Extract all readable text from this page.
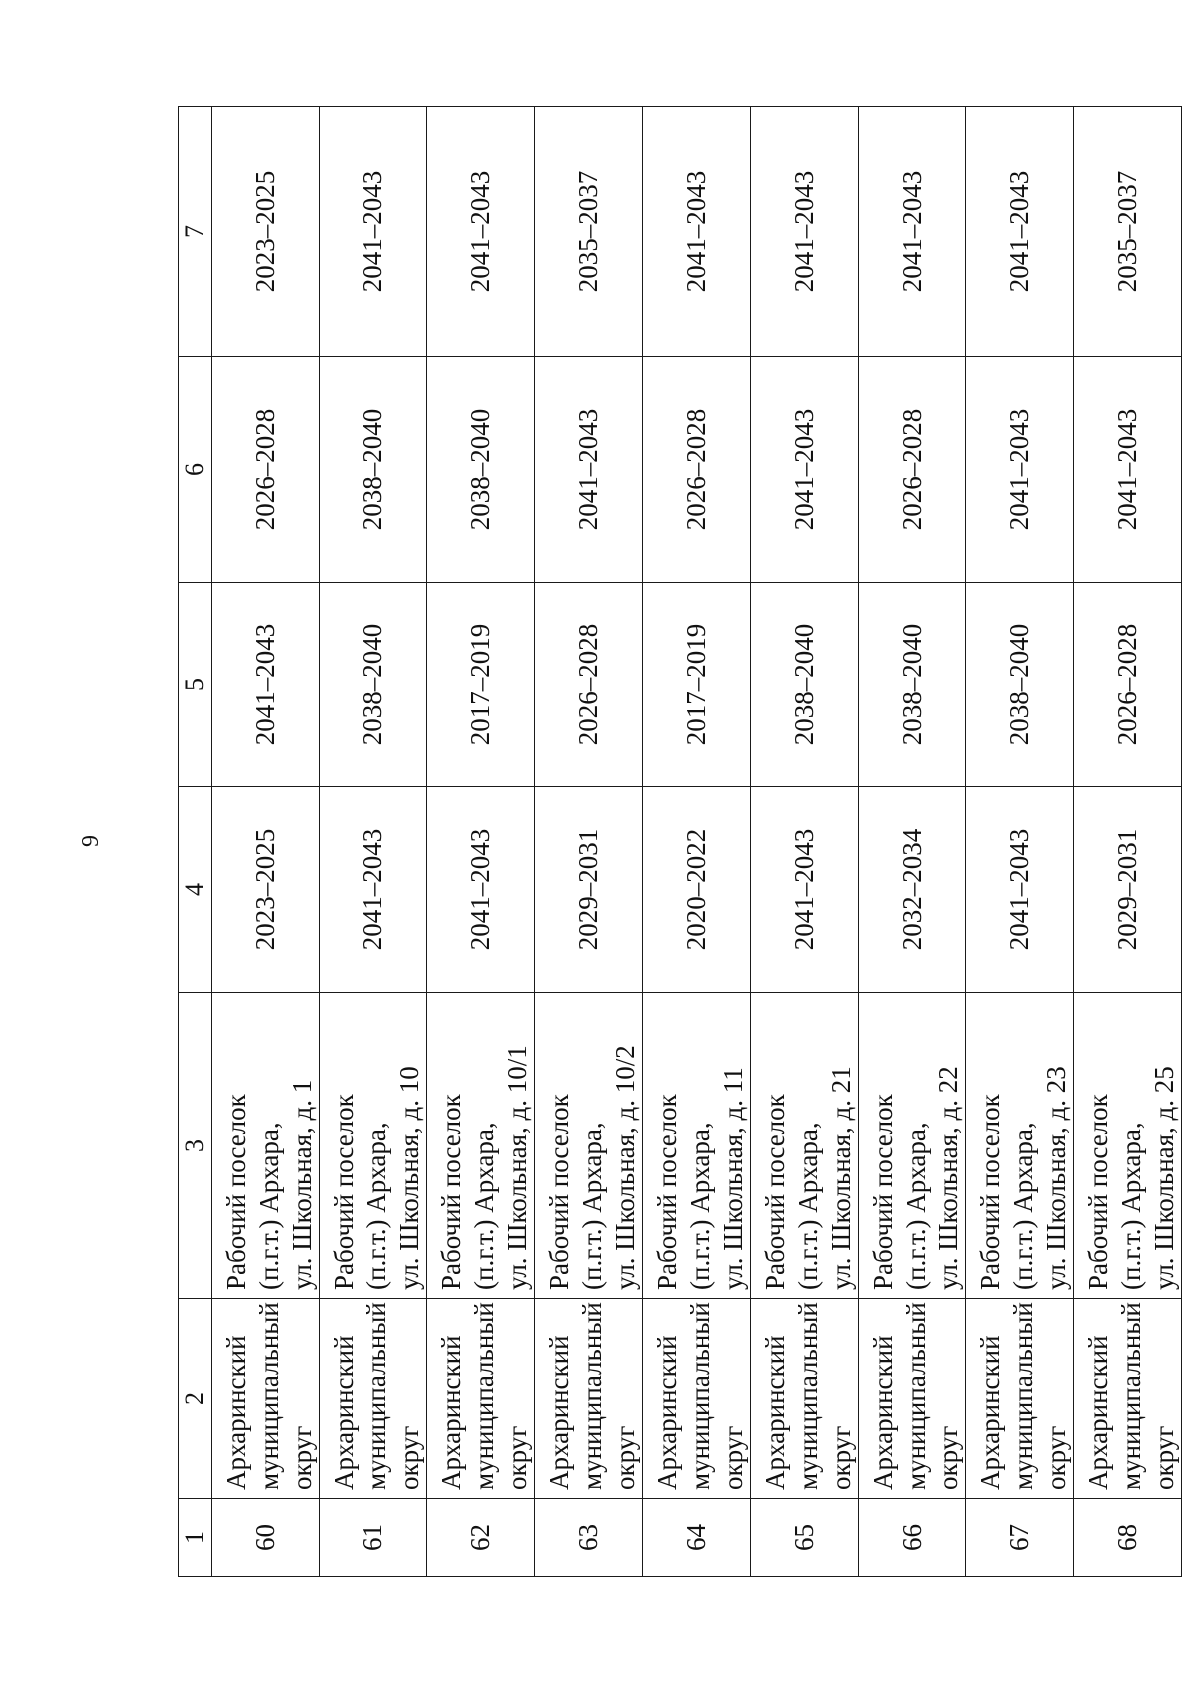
9
1	2	3	4	5	6	7
60	Архаринский муниципальный округ	Рабочий поселок (п.г.т.) Архара, ул. Школьная, д. 1	2023–2025	2041–2043	2026–2028	2023–2025
61	Архаринский муниципальный округ	Рабочий поселок (п.г.т.) Архара, ул. Школьная, д. 10	2041–2043	2038–2040	2038–2040	2041–2043
62	Архаринский муниципальный округ	Рабочий поселок (п.г.т.) Архара, ул. Школьная, д. 10/1	2041–2043	2017–2019	2038–2040	2041–2043
63	Архаринский муниципальный округ	Рабочий поселок (п.г.т.) Архара, ул. Школьная, д. 10/2	2029–2031	2026–2028	2041–2043	2035–2037
64	Архаринский муниципальный округ	Рабочий поселок (п.г.т.) Архара, ул. Школьная, д. 11	2020–2022	2017–2019	2026–2028	2041–2043
65	Архаринский муниципальный округ	Рабочий поселок (п.г.т.) Архара, ул. Школьная, д. 21	2041–2043	2038–2040	2041–2043	2041–2043
66	Архаринский муниципальный округ	Рабочий поселок (п.г.т.) Архара, ул. Школьная, д. 22	2032–2034	2038–2040	2026–2028	2041–2043
67	Архаринский муниципальный округ	Рабочий поселок (п.г.т.) Архара, ул. Школьная, д. 23	2041–2043	2038–2040	2041–2043	2041–2043
68	Архаринский муниципальный округ	Рабочий поселок (п.г.т.) Архара, ул. Школьная, д. 25	2029–2031	2026–2028	2041–2043	2035–2037
